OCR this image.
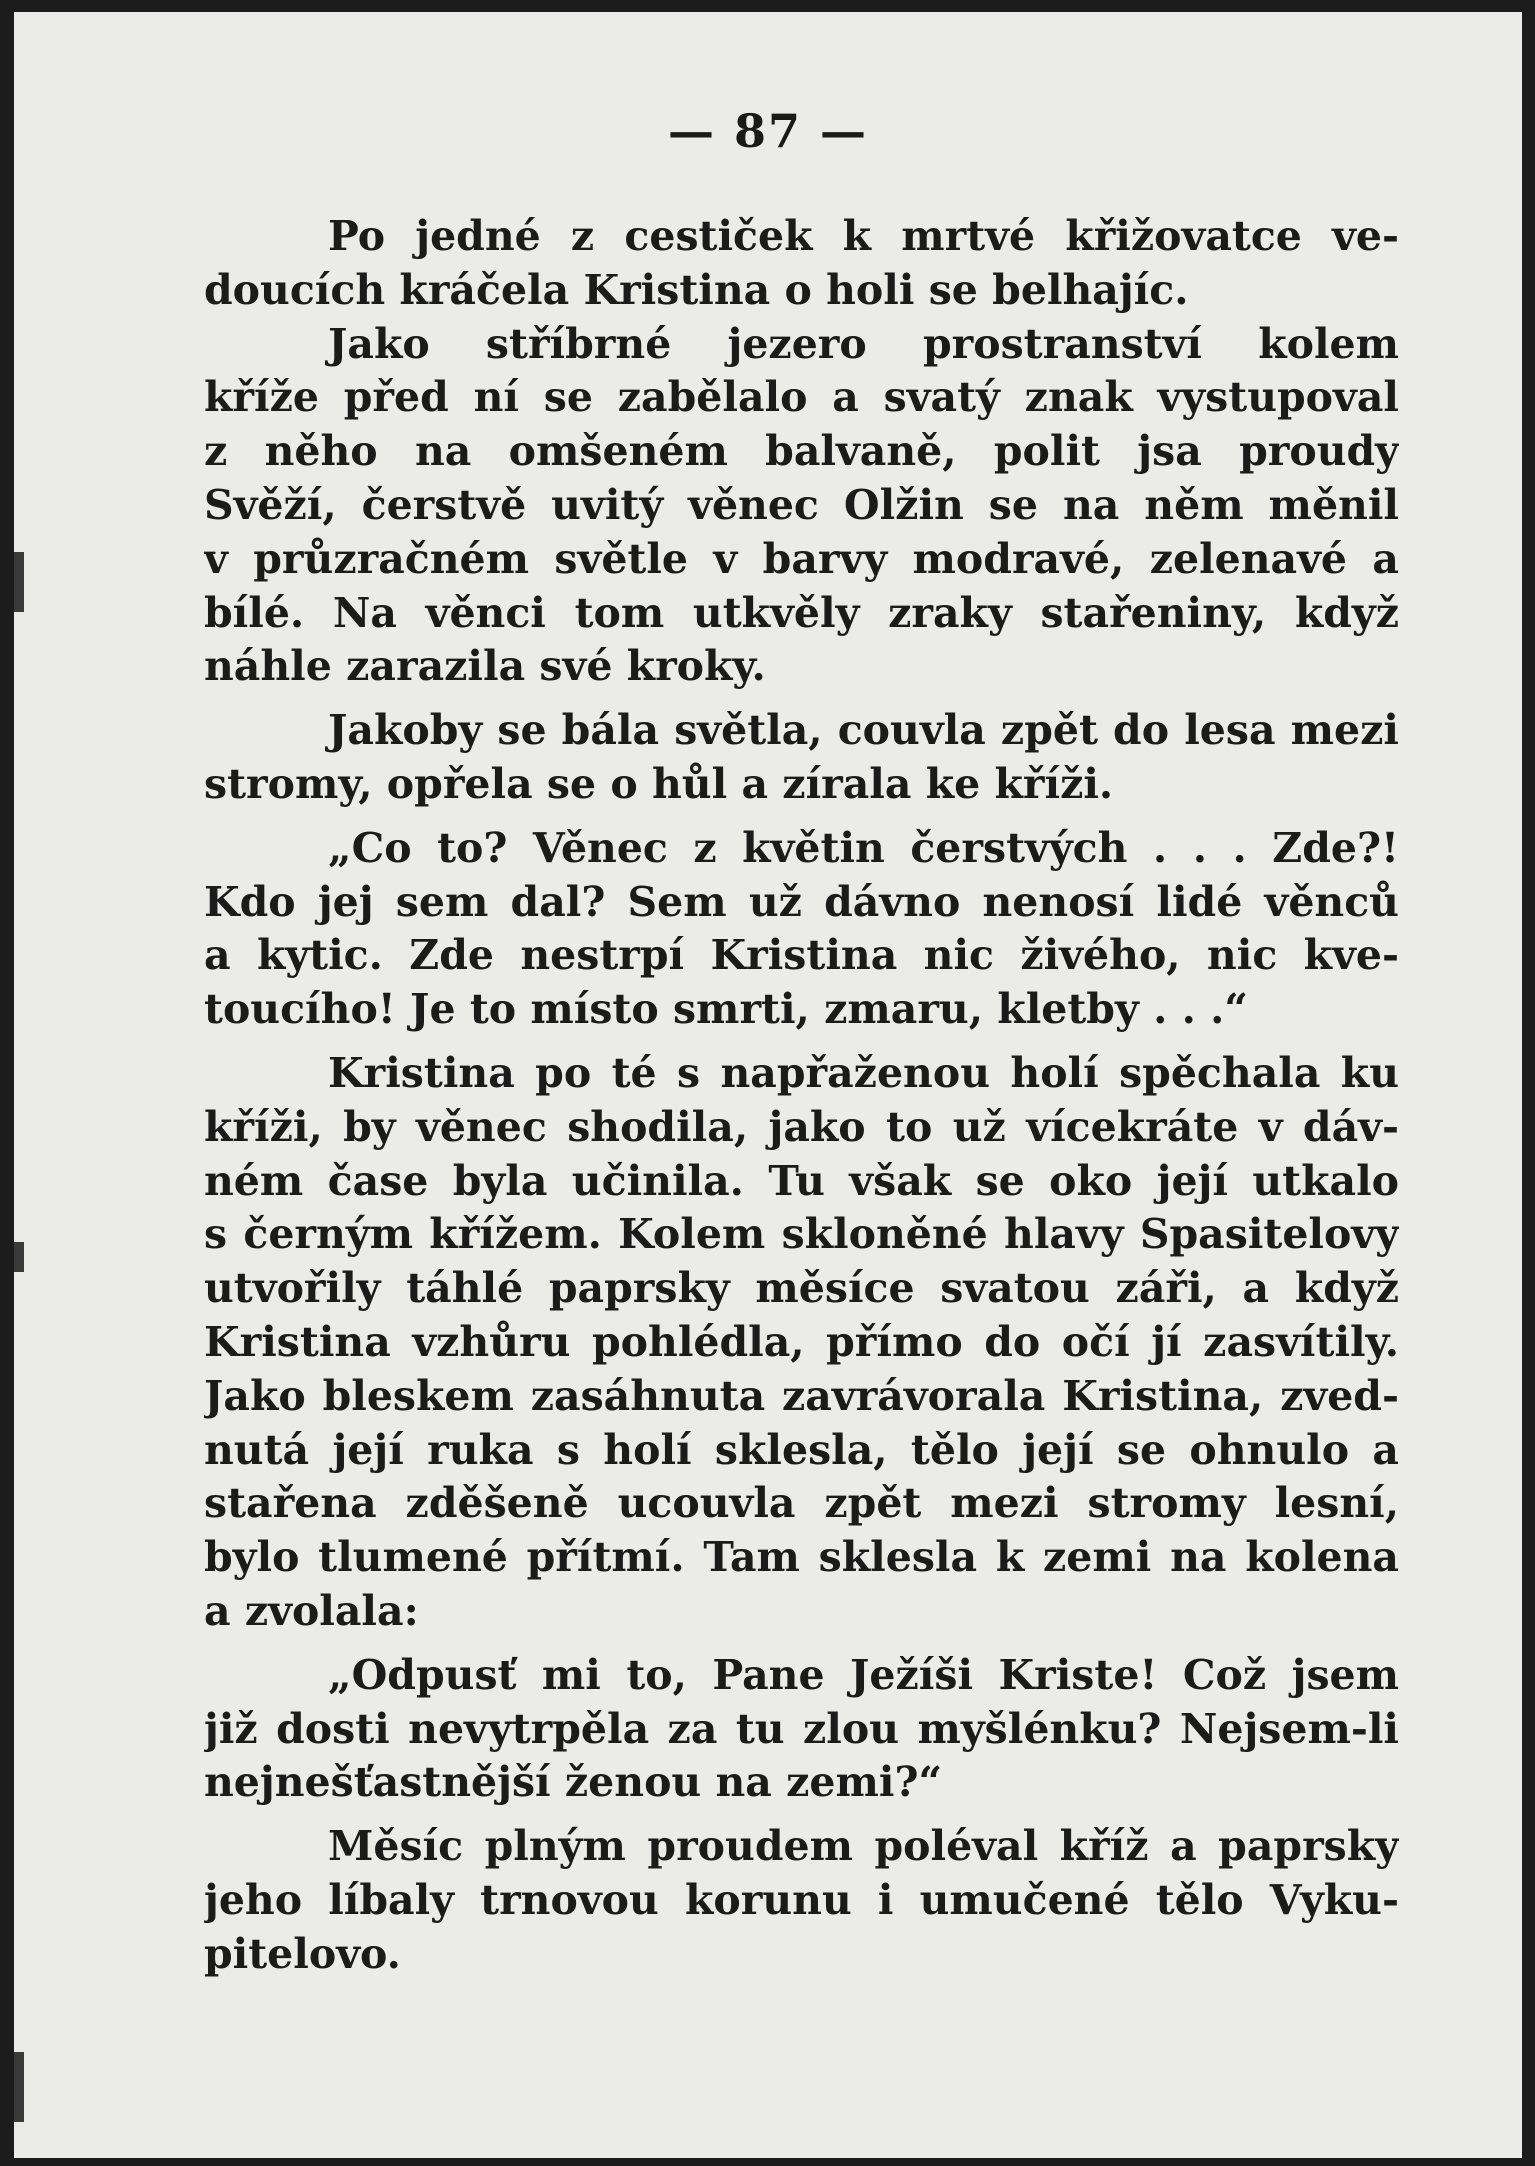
— 87 —
Po jedné z cestiček k mrtvé křižovatce ve-
doucích kráčela Kristina o holi se belhajíc.
Jako stříbrné jezero prostranství kolem
kříže před ní se zabělalo a svatý znak vystupoval
z něho na omšeném balvaně, polit jsa proudy
Svěží, čerstvě uvitý věnec Olžin se na něm měnil
v průzračném světle v barvy modravé, zelenavé a
bílé. Na věnci tom utkvěly zraky stařeniny, když
náhle zarazila své kroky.
Jakoby se bála světla, couvla zpět do lesa mezi
stromy, opřela se o hůl a zírala ke kříži.
„Co to? Věnec z květin čerstvých . . . Zde?!
Kdo jej sem dal? Sem už dávno nenosí lidé věnců
a kytic. Zde nestrpí Kristina nic živého, nic kve-
toucího! Je to místo smrti, zmaru, kletby . . .“
Kristina po té s napřaženou holí spěchala ku
kříži, by věnec shodila, jako to už vícekráte v dáv-
ném čase byla učinila. Tu však se oko její utkalo
s černým křížem. Kolem skloněné hlavy Spasitelovy
utvořily táhlé paprsky měsíce svatou záři, a když
Kristina vzhůru pohlédla, přímo do očí jí zasvítily.
Jako bleskem zasáhnuta zavrávorala Kristina, zved-
nutá její ruka s holí sklesla, tělo její se ohnulo a
stařena zděšeně ucouvla zpět mezi stromy lesní,
bylo tlumené přítmí. Tam sklesla k zemi na kolena
a zvolala:
„Odpusť mi to, Pane Ježíši Kriste! Což jsem
již dosti nevytrpěla za tu zlou myšlénku? Nejsem-li
nejnešťastnější ženou na zemi?“
Měsíc plným proudem poléval kříž a paprsky
jeho líbaly trnovou korunu i umučené tělo Vyku-
pitelovo.
